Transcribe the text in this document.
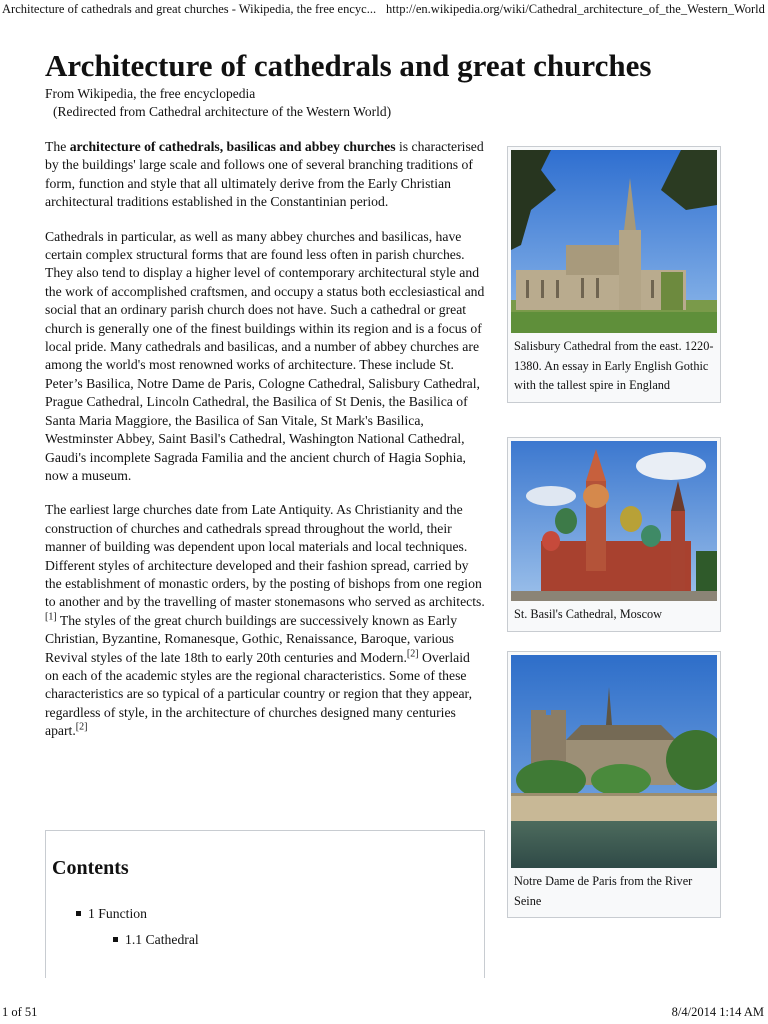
Architecture of cathedrals and great churches - Wikipedia, the free encyc... http://en.wikipedia.org/wiki/Cathedral_architecture_of_the_Western_World
Architecture of cathedrals and great churches
From Wikipedia, the free encyclopedia
(Redirected from Cathedral architecture of the Western World)

The architecture of cathedrals, basilicas and abbey churches is characterised by the buildings' large scale and follows one of several branching traditions of form, function and style that all ultimately derive from the Early Christian architectural traditions established in the Constantinian period.

Cathedrals in particular, as well as many abbey churches and basilicas, have certain complex structural forms that are found less often in parish churches. They also tend to display a higher level of contemporary architectural style and the work of accomplished craftsmen, and occupy a status both ecclesiastical and social that an ordinary parish church does not have. Such a cathedral or great church is generally one of the finest buildings within its region and is a focus of local pride. Many cathedrals and basilicas, and a number of abbey churches are among the world's most renowned works of architecture. These include St. Peter’s Basilica, Notre Dame de Paris, Cologne Cathedral, Salisbury Cathedral, Prague Cathedral, Lincoln Cathedral, the Basilica of St Denis, the Basilica of Santa Maria Maggiore, the Basilica of San Vitale, St Mark's Basilica, Westminster Abbey, Saint Basil's Cathedral, Washington National Cathedral, Gaudi's incomplete Sagrada Familia and the ancient church of Hagia Sophia, now a museum.

The earliest large churches date from Late Antiquity. As Christianity and the construction of churches and cathedrals spread throughout the world, their manner of building was dependent upon local materials and local techniques. Different styles of architecture developed and their fashion spread, carried by the establishment of monastic orders, by the posting of bishops from one region to another and by the travelling of master stonemasons who served as architects.[1] The styles of the great church buildings are successively known as Early Christian, Byzantine, Romanesque, Gothic, Renaissance, Baroque, various Revival styles of the late 18th to early 20th centuries and Modern.[2] Overlaid on each of the academic styles are the regional characteristics. Some of these characteristics are so typical of a particular country or region that they appear, regardless of style, in the architecture of churches designed many centuries apart.[2]

Salisbury Cathedral from the east. 1220-1380. An essay in Early English Gothic with the tallest spire in England
St. Basil's Cathedral, Moscow
Notre Dame de Paris from the River Seine
Contents
1 Function
1.1 Cathedral
1 of 51	8/4/2014 1:14 AM
